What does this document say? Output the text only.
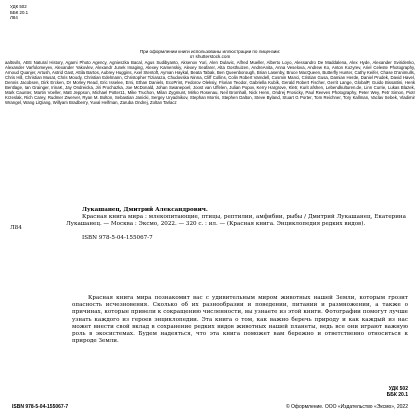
УДК 502
ББК 20.1
Л84

При оформлении книги использованы иллюстрации по лицензии:
от shutterstock.com
aaltsvils, ABS Natural History, Agami Photo Agency, Agnieszka Bacal, Agus Sudibyanto, Aksenov Yuri, Alen Dulavic, Alfred Mueller, Alberto Loyo, Alessandro De Maddalena, Alex Hyde, Alexander Sviridenko, Alexander Varfolomeyev, Alexander Yakovlev, Alexandr Junek Imaging, Alexey Kamenskiy, Alexey Seafarer, Alta Oosthuizen, AndreAnita, Anna Veselova, Andrew Ko, Anton Kozyrev, Ariel Celeste Photography, Arnoud Quanjer, Artush, Astrid Gast, Attila Bartos, Aubrey Huggins, Axel Stentoft, Ayman Haykal, Beata Tabak, Ben Queenborough, Brian Lasenby, Bruce MacQueen, Butterfly Hunter, Cathy Keifer, Chase D'animulls, Chris Hill, Christian Musat, Chris Moody, Christian Edelmann, Christopher Tiziaraza, Chudovska Ninna, Cliff Collins, Colin Robert Varndell, Cosmin Manci, Cristian Gusa, Damian Herde, Daniel Prudek, David Havel, Dennis Jacobsen, Dirk Ercken, Dr Morley Read, Eric Isselee, Erni, Ethan Daniels, EcoPrint, Fedorov Oleksiy, Florian Teodor, Gabriella Kubik, Gerald Robert Fischer, Gerrit Lange, GlobalP, Guido Bissattini, Henk Bentlage, Ian Grainger, IrinaK, Jay Ondreicka, Jiri Prochazka, Joe McDonald, Johan Swanepoel, Joost van Uffelen, Julian Popov, Kerry Hargrove, Kletr, Kurit afshen, Lebendkulturen.de, Linn Currie, Lukas Blazek, Mark Caunter, Martin Voeller, Matt Jeppson, Michael Potter11, Mike Truchon, Milan Zygmunt, Mirko Rosenau, Neil Bromhall, Nick Henn, Ondrej Prosicky, Paul Reeves Photography, Peter Wey, Petr Simon, Piotr Krzeslak, Rich Carey, Rudmer Zwerver, Ryan M. Bolton, Sebastian Janicki, Sergey Uryadnikov, Stephan Morris, Stephen Dalton, Steve Byland, Stuart G Porter, Tom Reichner, Tory Kallman, Vaclav Sebek, Vladimir Wrangel, Wang LiQiang, Willyam Bradberry, Yuval Helfman, Zaruba Ondrej, Zoltan Tarlacz

Л84
Лукашанец, Дмитрий Александрович.

Красная книга мира : млекопитающие, птицы, рептилии, амфибии, рыбы / Дмитрий Лукашанец, Екатерина Лукашанец. — Москва : Эксмо, 2022. — 320 с. : ил. — (Красная книга. Энциклопедия редких видов).

ISBN 978-5-04-155067-7

Красная книга мира познакомит вас с удивительным миром животных нашей Земли, которым грозит опасность исчезновения. Сколько об их разнообразии и поведении, питании и размножении, а также о причинах, которые привели к сокращению численности, вы узнаете из этой книги. Фотографии помогут лучше узнать каждого из героев энциклопедии. Эта книга о том, как важно беречь природу и как каждый из нас может внести свой вклад в сохранение редких видов животных нашей планеты, ведь все они играют важную роль в экосистемах. Будем надеяться, что эта книга поможет вам бережно и ответственно относиться к природе Земли.

УДК 502
ББК 20.1
ISBN 978-5-04-155067-7	© Оформление. ООО «Издательство «Эксмо», 2022
